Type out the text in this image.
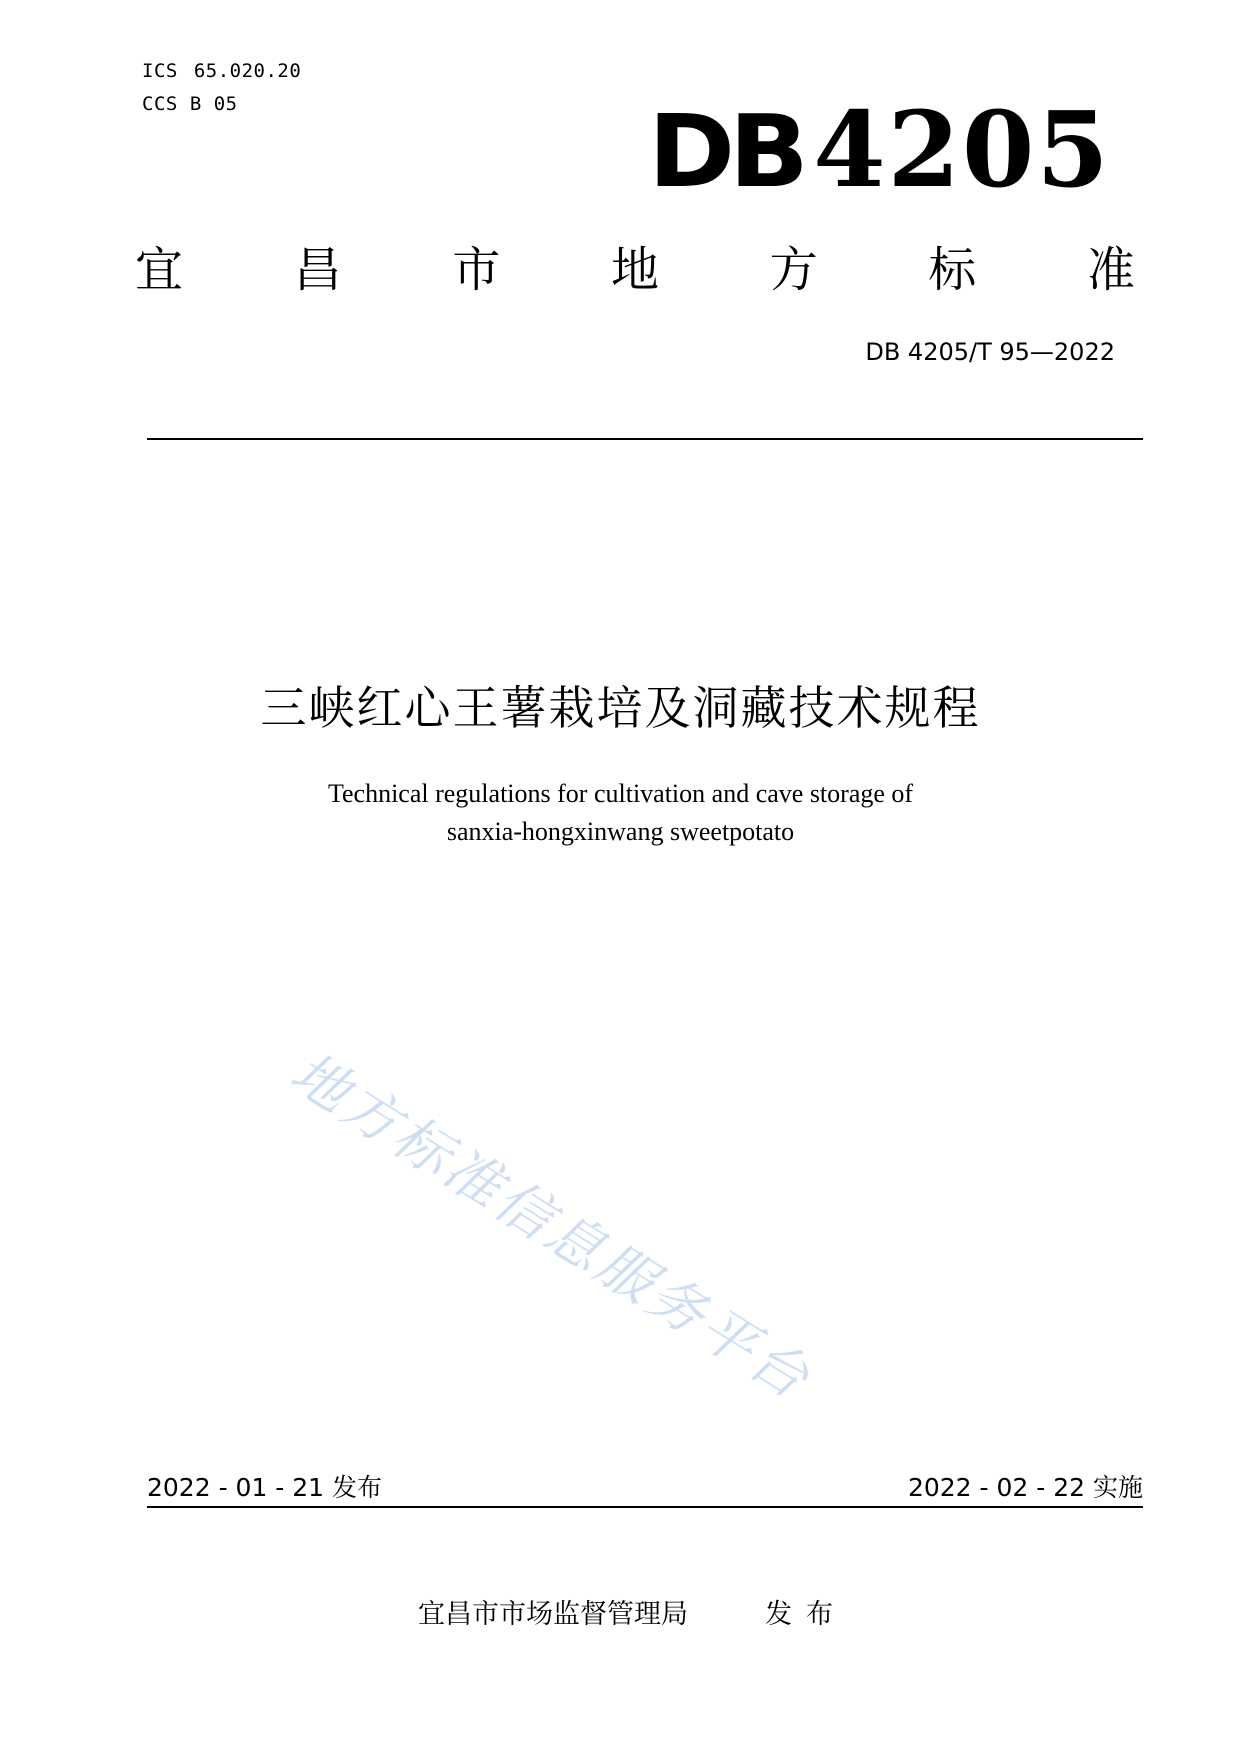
ICS 65.020.20
CCS B 05	DB 4205
宜 昌 市 地 方 标 准
DB 4205/T 95—2022
三峡红心王薯栽培及洞藏技术规程
Technical regulations for cultivation and cave storage of
sanxia-hongxinwang sweetpotato
地方标准信息服务平台
2022 - 01 - 21 发布	2022 - 02 - 22 实施
宜昌市市场监督管理局	发布
